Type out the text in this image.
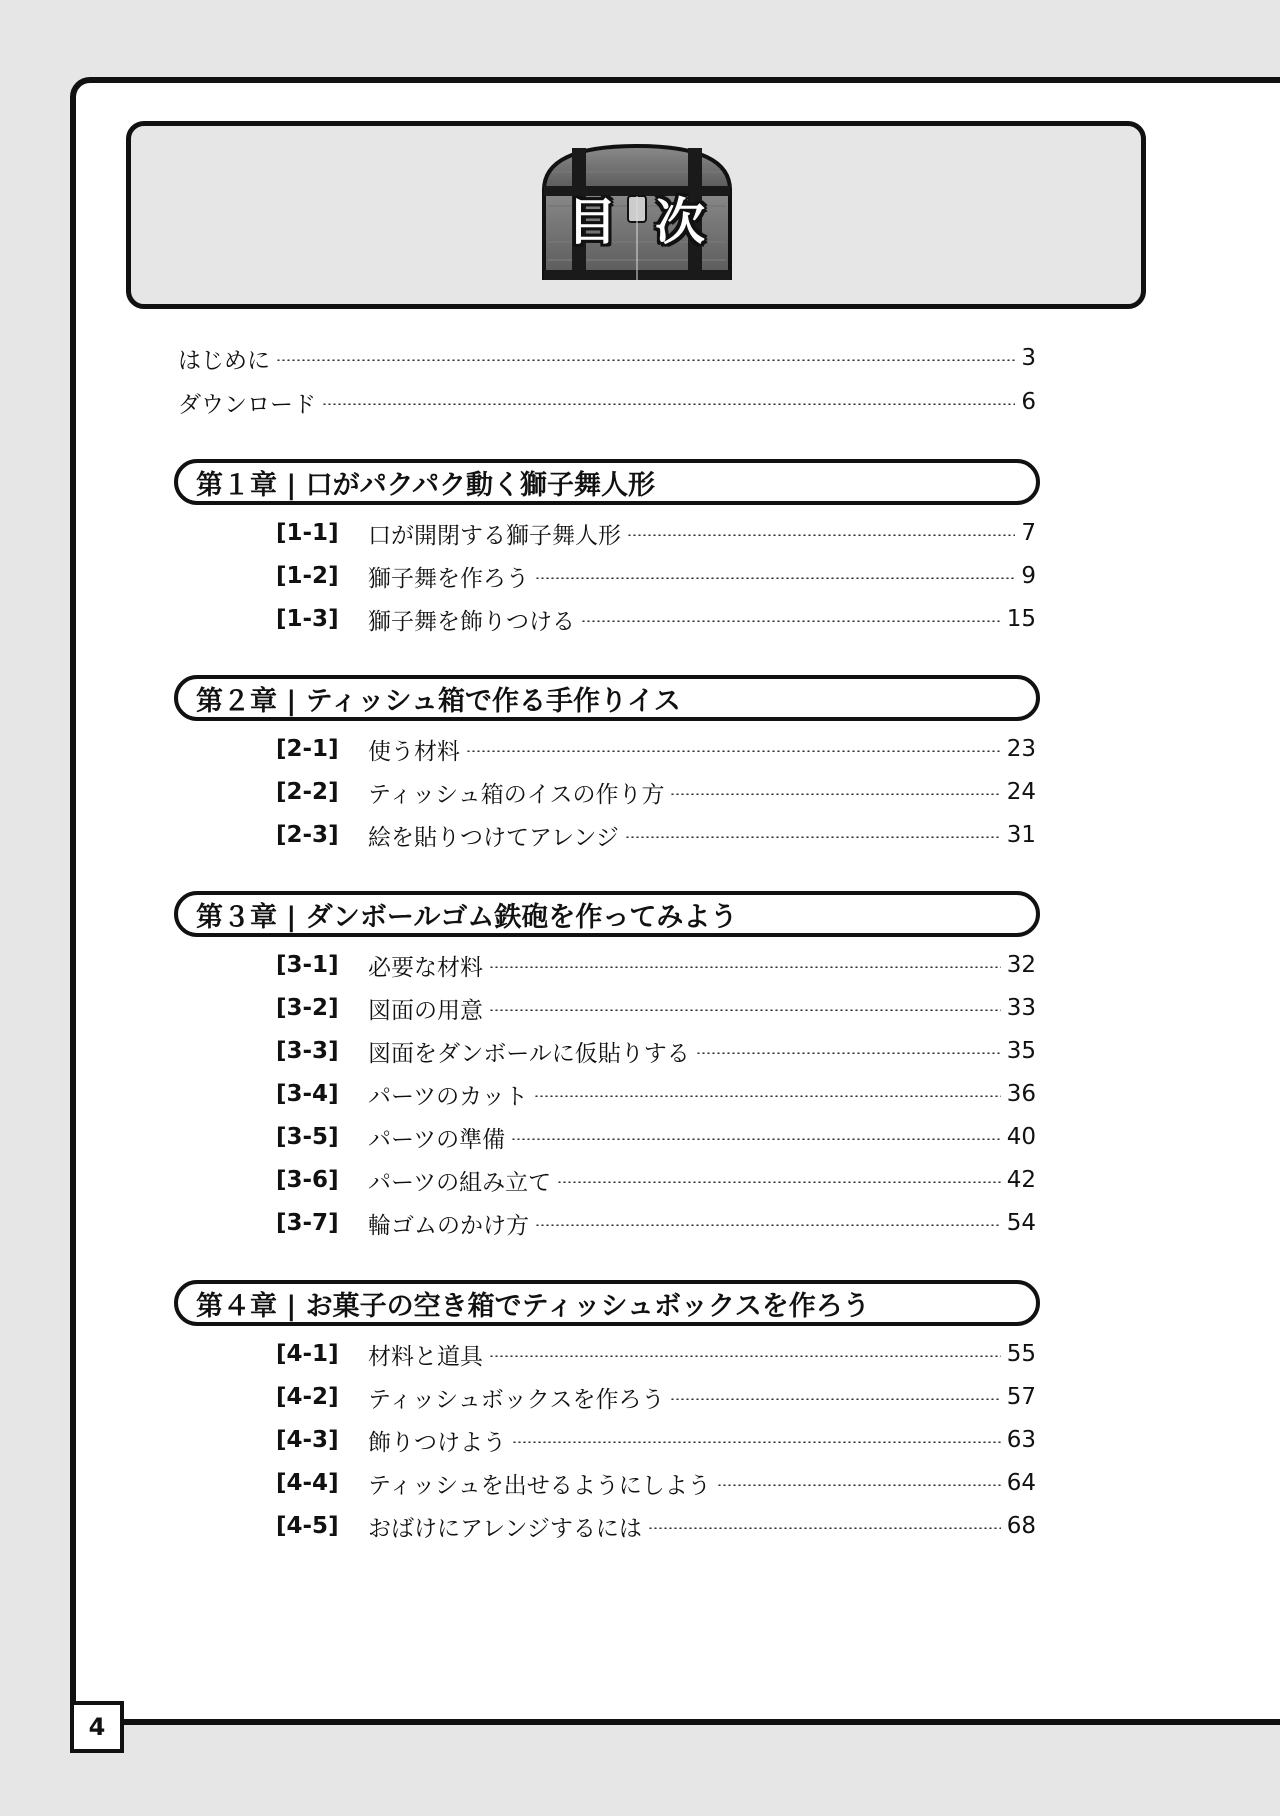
目 次
はじめに	3
ダウンロード	6
第１章 | 口がパクパク動く獅子舞人形
[1-1]	口が開閉する獅子舞人形	7
[1-2]	獅子舞を作ろう	9
[1-3]	獅子舞を飾りつける	15
第２章 | ティッシュ箱で作る手作りイス
[2-1]	使う材料	23
[2-2]	ティッシュ箱のイスの作り方	24
[2-3]	絵を貼りつけてアレンジ	31
第３章 | ダンボールゴム鉄砲を作ってみよう
[3-1]	必要な材料	32
[3-2]	図面の用意	33
[3-3]	図面をダンボールに仮貼りする	35
[3-4]	パーツのカット	36
[3-5]	パーツの準備	40
[3-6]	パーツの組み立て	42
[3-7]	輪ゴムのかけ方	54
第４章 | お菓子の空き箱でティッシュボックスを作ろう
[4-1]	材料と道具	55
[4-2]	ティッシュボックスを作ろう	57
[4-3]	飾りつけよう	63
[4-4]	ティッシュを出せるようにしよう	64
[4-5]	おばけにアレンジするには	68
4
